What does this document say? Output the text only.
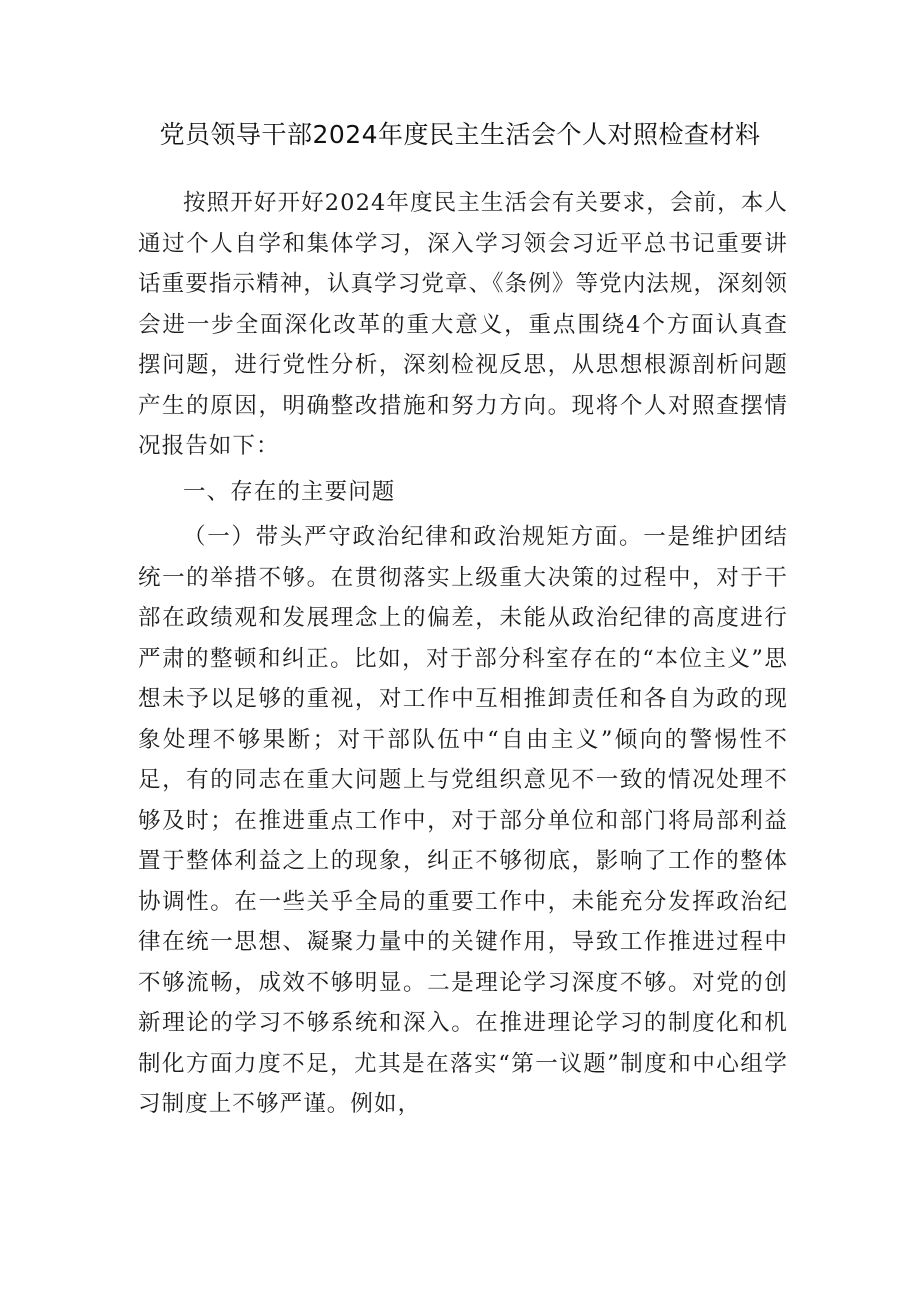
党员领导干部2024年度民主生活会个人对照检查材料

按照开好开好2024年度民主生活会有关要求，会前，本人通过个人自学和集体学习，深入学习领会习近平总书记重要讲话重要指示精神，认真学习党章、《条例》等党内法规，深刻领会进一步全面深化改革的重大意义，重点围绕4个方面认真查摆问题，进行党性分析，深刻检视反思，从思想根源剖析问题产生的原因，明确整改措施和努力方向。现将个人对照查摆情况报告如下：

一、存在的主要问题

（一）带头严守政治纪律和政治规矩方面。一是维护团结统一的举措不够。在贯彻落实上级重大决策的过程中，对于干部在政绩观和发展理念上的偏差，未能从政治纪律的高度进行严肃的整顿和纠正。比如，对于部分科室存在的“本位主义”思想未予以足够的重视，对工作中互相推卸责任和各自为政的现象处理不够果断；对干部队伍中“自由主义”倾向的警惕性不足，有的同志在重大问题上与党组织意见不一致的情况处理不够及时；在推进重点工作中，对于部分单位和部门将局部利益置于整体利益之上的现象，纠正不够彻底，影响了工作的整体协调性。在一些关乎全局的重要工作中，未能充分发挥政治纪律在统一思想、凝聚力量中的关键作用，导致工作推进过程中不够流畅，成效不够明显。二是理论学习深度不够。对党的创新理论的学习不够系统和深入。在推进理论学习的制度化和机制化方面力度不足，尤其是在落实“第一议题”制度和中心组学习制度上不够严谨。例如，
